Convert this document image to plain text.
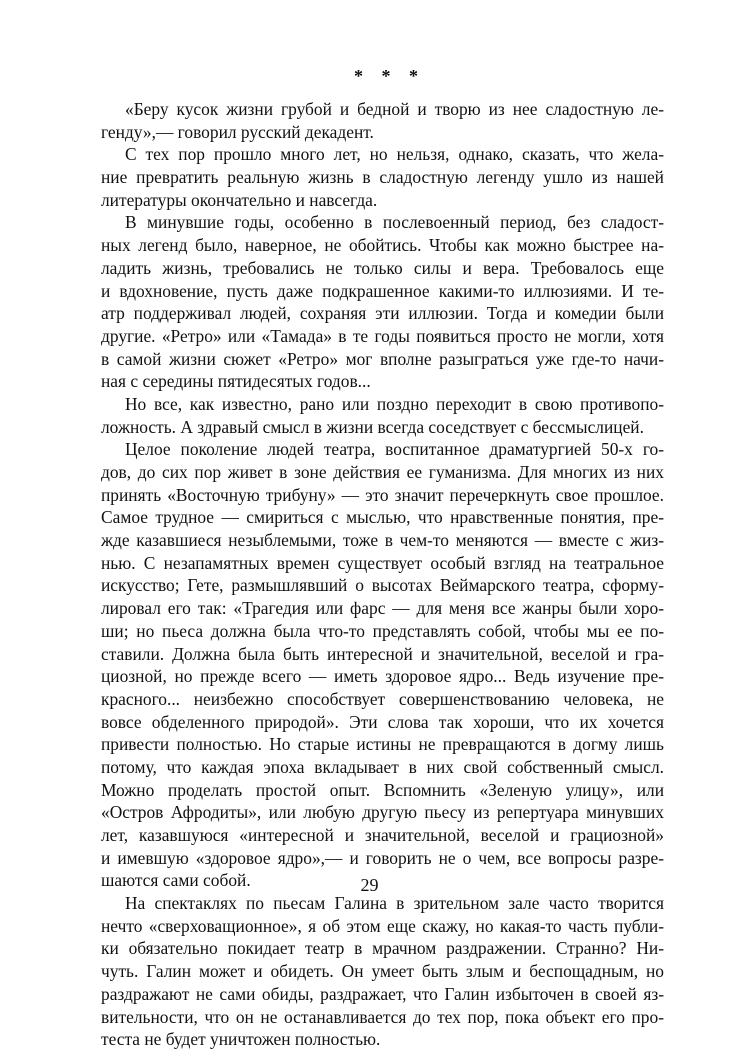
* * *
«Беру кусок жизни грубой и бедной и творю из нее сладостную ле-
генду»,— говорил русский декадент.
С тех пор прошло много лет, но нельзя, однако, сказать, что жела-
ние превратить реальную жизнь в сладостную легенду ушло из нашей
литературы окончательно и навсегда.
В минувшие годы, особенно в послевоенный период, без сладост-
ных легенд было, наверное, не обойтись. Чтобы как можно быстрее на-
ладить жизнь, требовались не только силы и вера. Требовалось еще
и вдохновение, пусть даже подкрашенное какими-то иллюзиями. И те-
атр поддерживал людей, сохраняя эти иллюзии. Тогда и комедии были
другие. «Ретро» или «Тамада» в те годы появиться просто не могли, хотя
в самой жизни сюжет «Ретро» мог вполне разыграться уже где-то начи-
ная с середины пятидесятых годов...
Но все, как известно, рано или поздно переходит в свою противопо-
ложность. А здравый смысл в жизни всегда соседствует с бессмыслицей.
Целое поколение людей театра, воспитанное драматургией 50-х го-
дов, до сих пор живет в зоне действия ее гуманизма. Для многих из них
принять «Восточную трибуну» — это значит перечеркнуть свое прошлое.
Самое трудное — смириться с мыслью, что нравственные понятия, пре-
жде казавшиеся незыблемыми, тоже в чем-то меняются — вместе с жиз-
нью. С незапамятных времен существует особый взгляд на театральное
искусство; Гете, размышлявший о высотах Веймарского театра, сформу-
лировал его так: «Трагедия или фарс — для меня все жанры были хоро-
ши; но пьеса должна была что-то представлять собой, чтобы мы ее по-
ставили. Должна была быть интересной и значительной, веселой и гра-
циозной, но прежде всего — иметь здоровое ядро... Ведь изучение пре-
красного... неизбежно способствует совершенствованию человека, не
вовсе обделенного природой». Эти слова так хороши, что их хочется
привести полностью. Но старые истины не превращаются в догму лишь
потому, что каждая эпоха вкладывает в них свой собственный смысл.
Можно проделать простой опыт. Вспомнить «Зеленую улицу», или
«Остров Афродиты», или любую другую пьесу из репертуара минувших
лет, казавшуюся «интересной и значительной, веселой и грациозной»
и имевшую «здоровое ядро»,— и говорить не о чем, все вопросы разре-
шаются сами собой.
На спектаклях по пьесам Галина в зрительном зале часто творится
нечто «сверховащионное», я об этом еще скажу, но какая-то часть публи-
ки обязательно покидает театр в мрачном раздражении. Странно? Ни-
чуть. Галин может и обидеть. Он умеет быть злым и беспощадным, но
раздражают не сами обиды, раздражает, что Галин избыточен в своей яз-
вительности, что он не останавливается до тех пор, пока объект его про-
теста не будет уничтожен полностью.
29
